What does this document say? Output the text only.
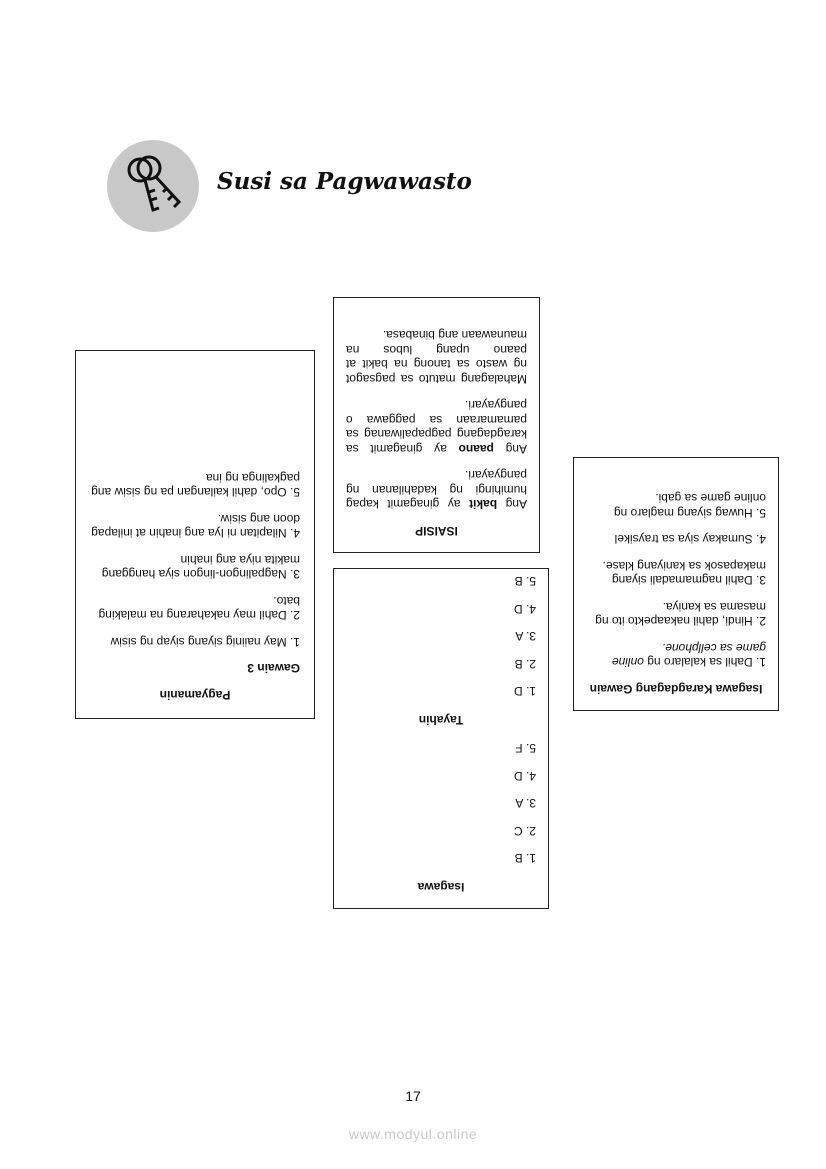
Susi sa Pagwawasto
Pagyamanin
Gawain 3
1. May naiinig siyang siyap ng sisiw
2. Dahil may nakaharang na malaking bato.
3. Nagpalingon-lingon siya hanggang makita niya ang inahin
4. Nilapitan ni Iya ang inahin at inilapag doon ang sisiw.
5. Opo, dahil kailangan pa ng sisiw ang pagkalinga ng ina
ISAISIP

Ang bakit ay ginagamit kapag humihingi ng kadahilanan ng pangyayari.

Ang paano ay ginagamit sa karagdagang pagpapaliwanag sa pamamaraan sa paggawa o pangyayari.

Mahalagang matuto sa pagsagot ng wasto sa tanong na bakit at paano upang lubos na maunawaan ang binabasa.

Isagawa
1. B
2. C
3. A
4. D
5. F
Tayahin
1. D
2. B
3. A
4. D
5. B
Isagawa Karagdagang Gawain
1. Dahil sa kalalaro ng online game sa cellphone.
2. Hindi, dahil nakaapekto ito ng masama sa kaniya.
3. Dahil nagmamadali siyang makapasok sa kaniyang klase.
4. Sumakay siya sa traysikel
5. Huwag siyang maglaro ng online game sa gabi.
17
www.modyul.online
